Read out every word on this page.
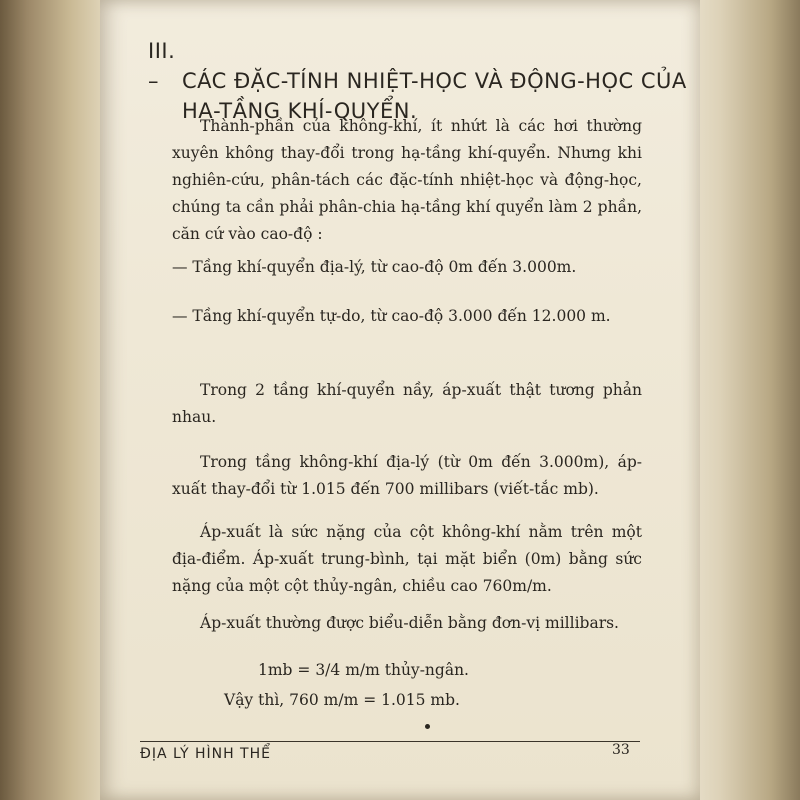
III. – CÁC ĐẶC-TÍNH NHIỆT-HỌC VÀ ĐỘNG-HỌC CỦA
HẠ-TẦNG KHÍ-QUYỂN.
Thành-phần của không-khí, ít nhứt là các hơi thường xuyên không thay-đổi trong hạ-tầng khí-quyển. Nhưng khi nghiên-cứu, phân-tách các đặc-tính nhiệt-học và động-học, chúng ta cần phải phân-chia hạ-tầng khí quyển làm 2 phần, căn cứ vào cao-độ :
— Tầng khí-quyển địa-lý, từ cao-độ 0m đến 3.000m.
— Tầng khí-quyển tự-do, từ cao-độ 3.000 đến 12.000 m.
Trong 2 tầng khí-quyển nầy, áp-xuất thật tương phản nhau.
Trong tầng không-khí địa-lý (từ 0m đến 3.000m), áp-xuất thay-đổi từ 1.015 đến 700 millibars (viết-tắc mb).
Áp-xuất là sức nặng của cột không-khí nằm trên một địa-điểm. Áp-xuất trung-bình, tại mặt biển (0m) bằng sức nặng của một cột thủy-ngân, chiều cao 760m/m.
Áp-xuất thường được biểu-diễn bằng đơn-vị millibars.
1mb = 3/4 m/m thủy-ngân.
Vậy thì, 760 m/m = 1.015 mb.
ĐỊA LÝ HÌNH THỂ	33
